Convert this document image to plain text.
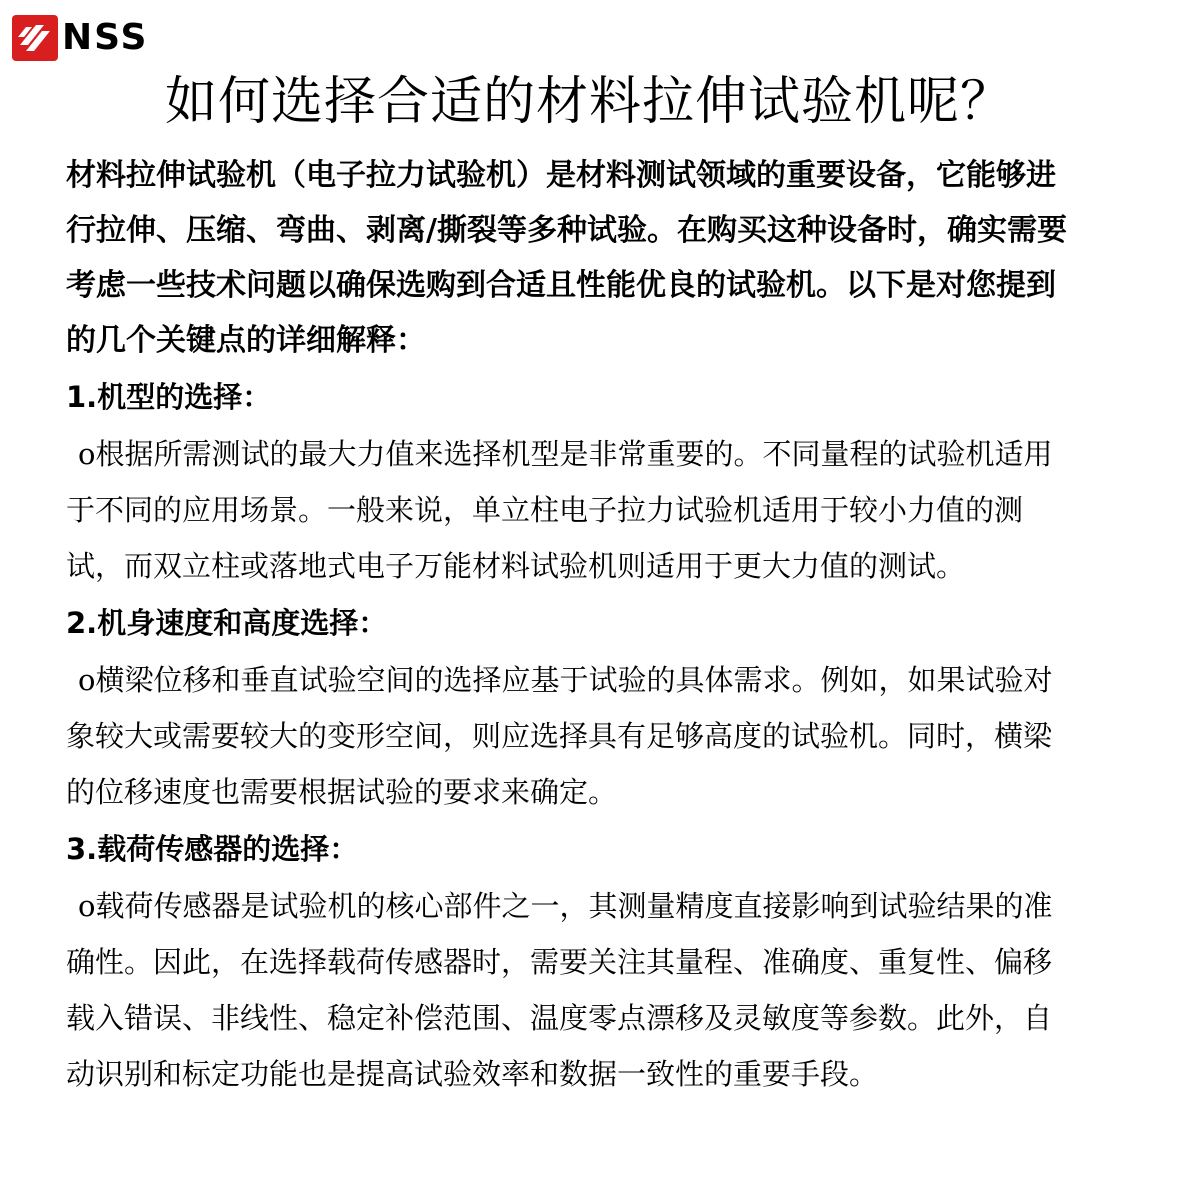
NSS
如何选择合适的材料拉伸试验机呢？

材料拉伸试验机（电子拉力试验机）是材料测试领域的重要设备，它能够进行拉伸、压缩、弯曲、剥离/撕裂等多种试验。在购买这种设备时，确实需要考虑一些技术问题以确保选购到合适且性能优良的试验机。以下是对您提到的几个关键点的详细解释：

1.机型的选择：

o根据所需测试的最大力值来选择机型是非常重要的。不同量程的试验机适用于不同的应用场景。一般来说，单立柱电子拉力试验机适用于较小力值的测试，而双立柱或落地式电子万能材料试验机则适用于更大力值的测试。

2.机身速度和高度选择：

o横梁位移和垂直试验空间的选择应基于试验的具体需求。例如，如果试验对象较大或需要较大的变形空间，则应选择具有足够高度的试验机。同时，横梁的位移速度也需要根据试验的要求来确定。

3.载荷传感器的选择：

o载荷传感器是试验机的核心部件之一，其测量精度直接影响到试验结果的准确性。因此，在选择载荷传感器时，需要关注其量程、准确度、重复性、偏移载入错误、非线性、稳定补偿范围、温度零点漂移及灵敏度等参数。此外，自动识别和标定功能也是提高试验效率和数据一致性的重要手段。
